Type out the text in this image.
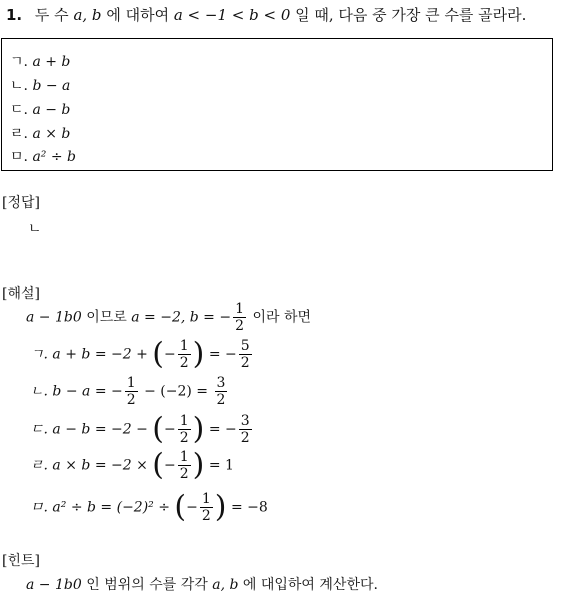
1. 두 수 a, b 에 대하여 a < −1 < b < 0 일 때, 다음 중 가장 큰 수를 골라라.
ㄱ. a + b
ㄴ. b − a
ㄷ. a − b
ㄹ. a × b
ㅁ. a² ÷ b
[정답]
ㄴ
[해설]
a − 1b0 이므로 a = −2, b = − $\frac{1}{2}$ 이라 하면
ㄱ. a + b = −2 + (− $\frac{1}{2}$ ) = − $\frac{5}{2}$
ㄴ. b − a = − $\frac{1}{2} - (-2) = \frac{3}{2}$
ㄷ. a − b = −2 − (− $\frac{1}{2}$ ) = − $\frac{3}{2}$
ㄹ. a × b = −2 × (− $\frac{1}{2}$ ) = 1
ㅁ. a² ÷ b = (−2)² ÷ (− $\frac{1}{2}$ ) = −8
[힌트]
a − 1b0 인 범위의 수를 각각 a, b 에 대입하여 계산한다.
